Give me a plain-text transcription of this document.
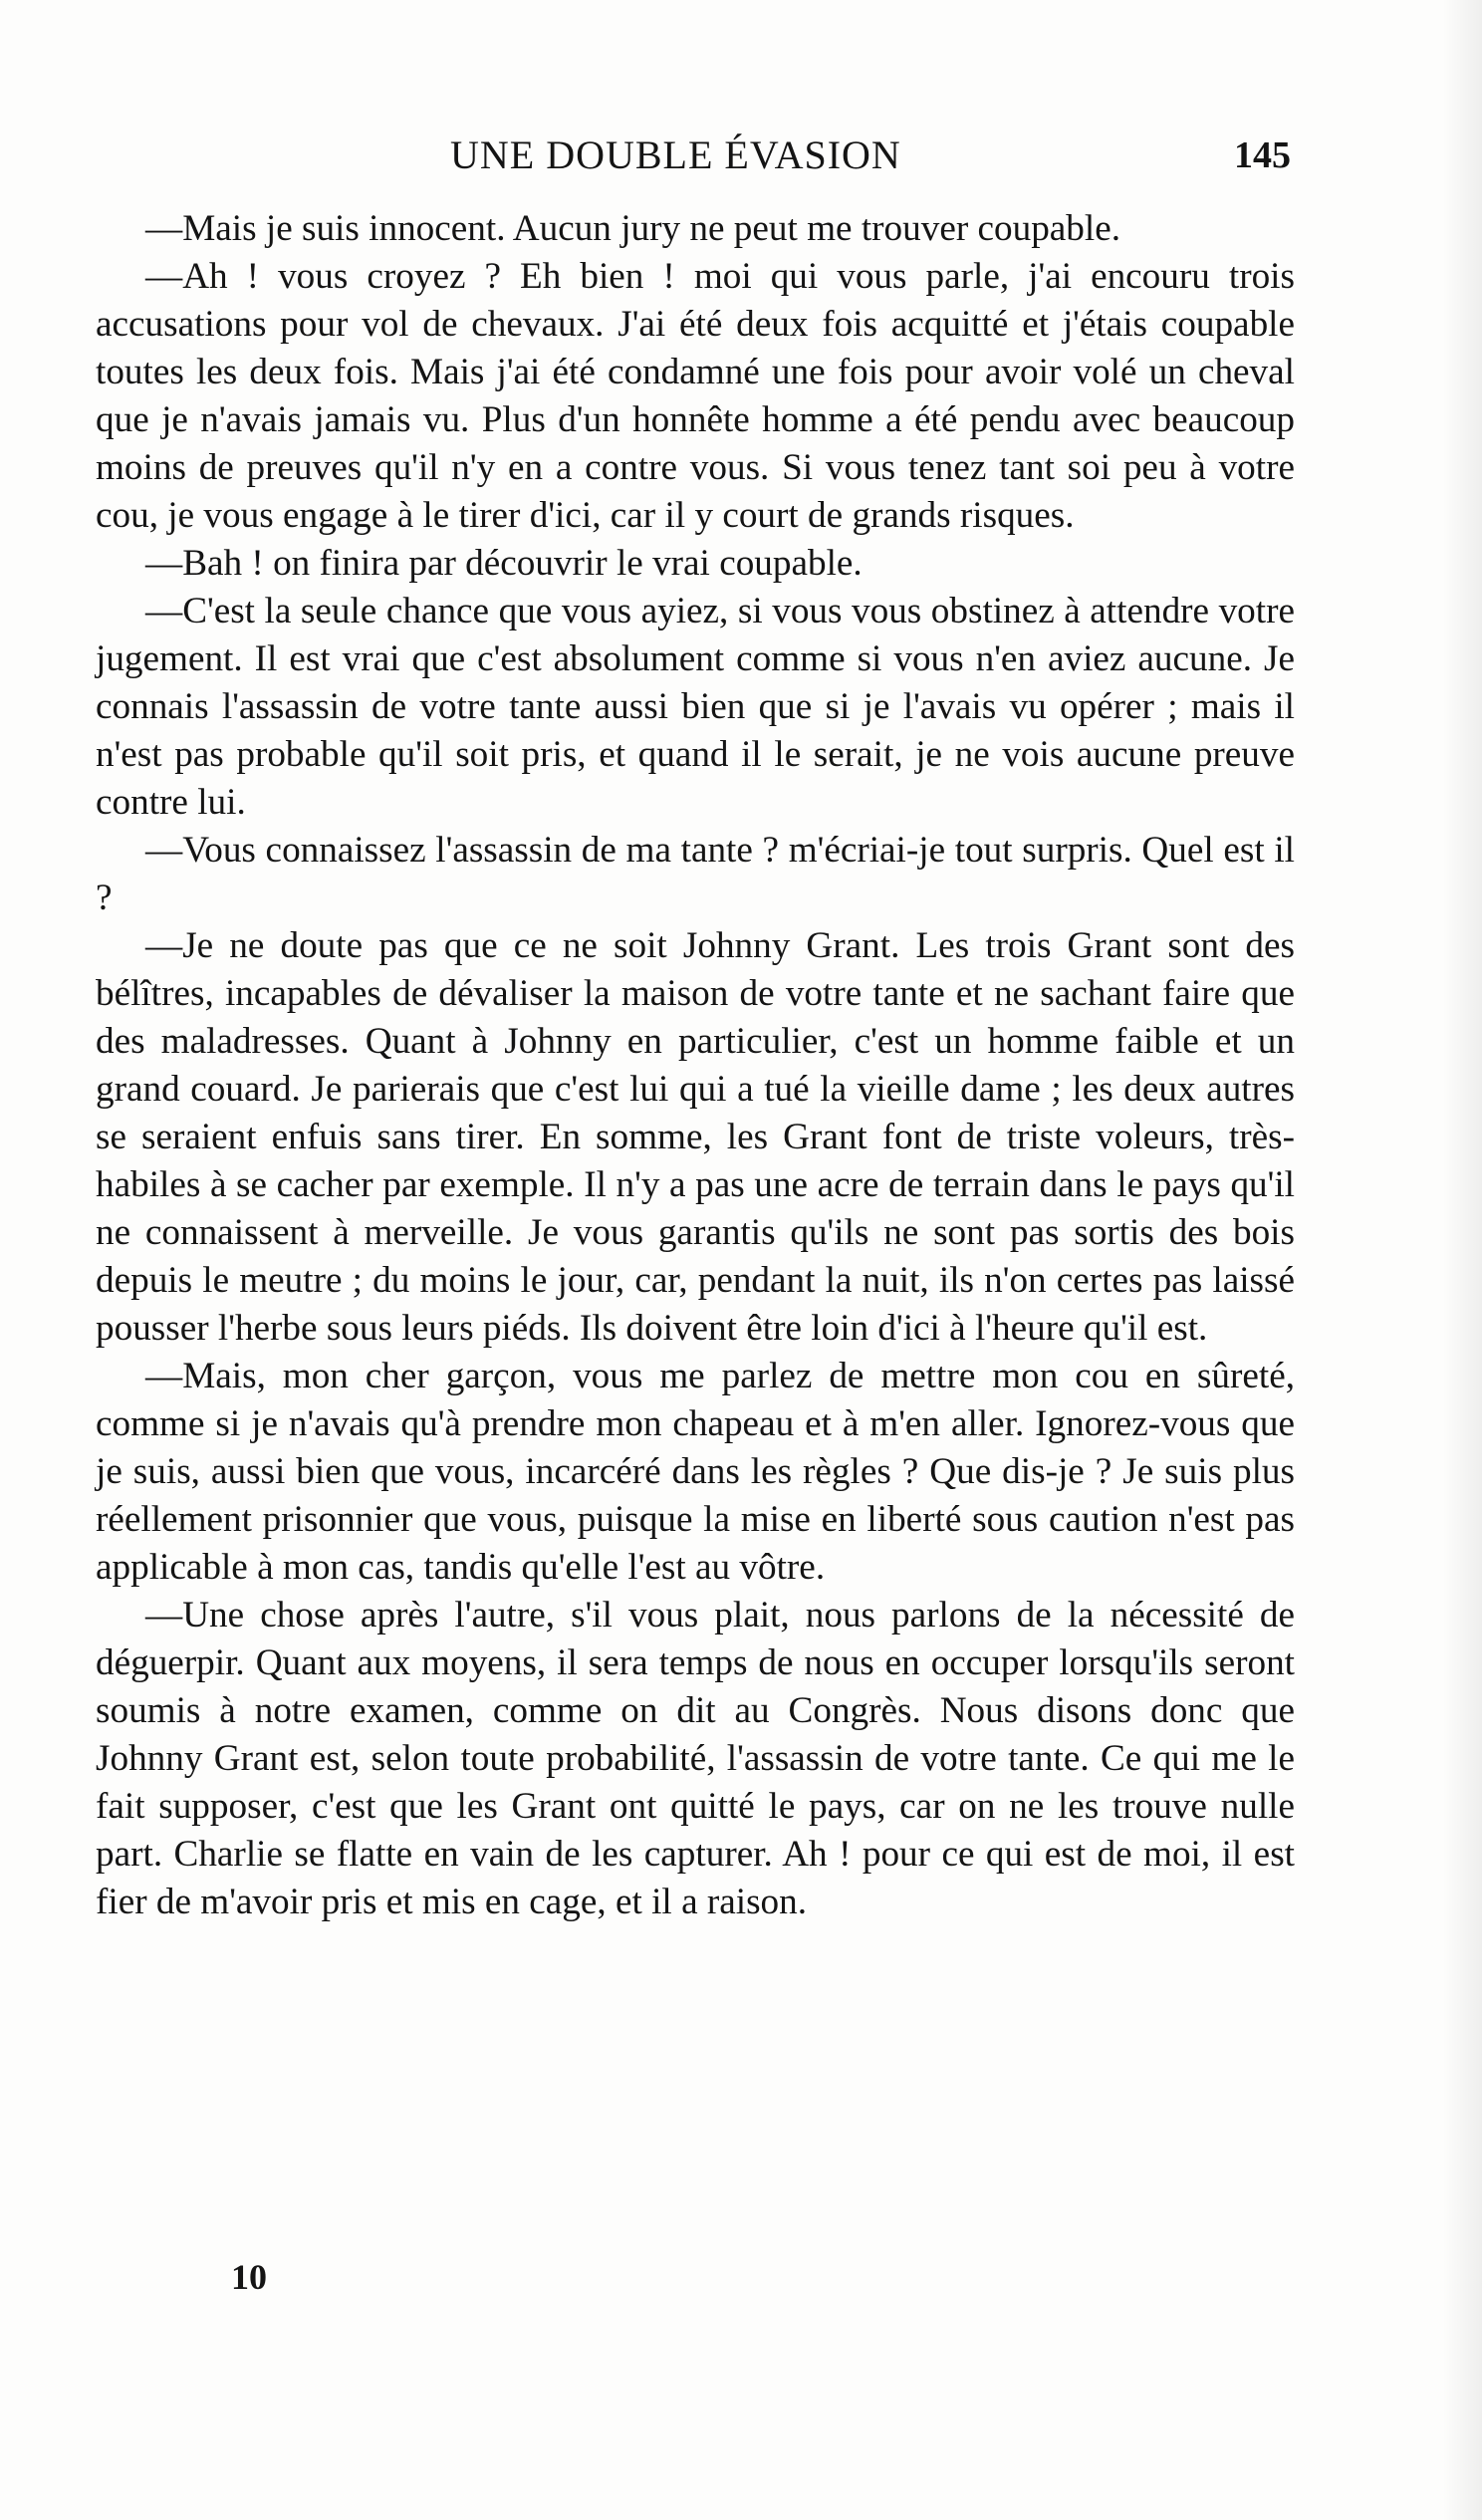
UNE DOUBLE ÉVASION	145

—Mais je suis innocent. Aucun jury ne peut me trouver coupable.

—Ah ! vous croyez ? Eh bien ! moi qui vous parle, j'ai encouru trois accusations pour vol de chevaux. J'ai été deux fois acquitté et j'étais coupable toutes les deux fois. Mais j'ai été condamné une fois pour avoir volé un cheval que je n'avais jamais vu. Plus d'un honnête homme a été pendu avec beaucoup moins de preuves qu'il n'y en a contre vous. Si vous tenez tant soi peu à votre cou, je vous engage à le tirer d'ici, car il y court de grands risques.

—Bah ! on finira par découvrir le vrai coupable.

—C'est la seule chance que vous ayiez, si vous vous obstinez à attendre votre jugement. Il est vrai que c'est absolument comme si vous n'en aviez aucune. Je connais l'assassin de votre tante aussi bien que si je l'avais vu opérer ; mais il n'est pas probable qu'il soit pris, et quand il le serait, je ne vois aucune preuve contre lui.

—Vous connaissez l'assassin de ma tante ? m'écriai-je tout surpris. Quel est il ?

—Je ne doute pas que ce ne soit Johnny Grant. Les trois Grant sont des bélîtres, incapables de dévaliser la maison de votre tante et ne sachant faire que des maladresses. Quant à Johnny en particulier, c'est un homme faible et un grand couard. Je parierais que c'est lui qui a tué la vieille dame ; les deux autres se seraient enfuis sans tirer. En somme, les Grant font de triste voleurs, très-habiles à se cacher par exemple. Il n'y a pas une acre de terrain dans le pays qu'il ne connaissent à merveille. Je vous garantis qu'ils ne sont pas sortis des bois depuis le meutre ; du moins le jour, car, pendant la nuit, ils n'on certes pas laissé pousser l'herbe sous leurs piéds. Ils doivent être loin d'ici à l'heure qu'il est.

—Mais, mon cher garçon, vous me parlez de mettre mon cou en sûreté, comme si je n'avais qu'à prendre mon chapeau et à m'en aller. Ignorez-vous que je suis, aussi bien que vous, incarcéré dans les règles ? Que dis-je ? Je suis plus réellement prisonnier que vous, puisque la mise en liberté sous caution n'est pas applicable à mon cas, tandis qu'elle l'est au vôtre.

—Une chose après l'autre, s'il vous plait, nous parlons de la nécessité de déguerpir. Quant aux moyens, il sera temps de nous en occuper lorsqu'ils seront soumis à notre examen, comme on dit au Congrès. Nous disons donc que Johnny Grant est, selon toute probabilité, l'assassin de votre tante. Ce qui me le fait supposer, c'est que les Grant ont quitté le pays, car on ne les trouve nulle part. Charlie se flatte en vain de les capturer. Ah ! pour ce qui est de moi, il est fier de m'avoir pris et mis en cage, et il a raison.

10
